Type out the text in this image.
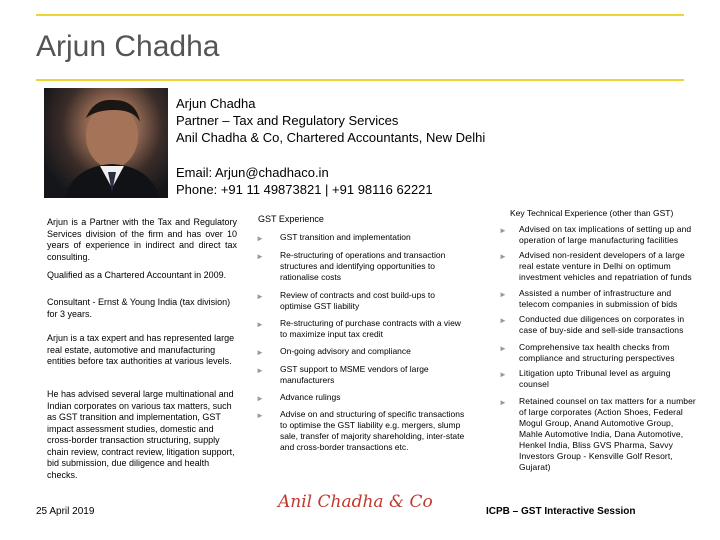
Arjun Chadha
Arjun Chadha
Partner – Tax and Regulatory Services
Anil Chadha & Co, Chartered Accountants, New Delhi
Email: Arjun@chadhaco.in
Phone: +91 11 49873821 | +91 98116 62221
Arjun is a Partner with the Tax and Regulatory Services division of the firm and has over 10 years of experience in indirect and direct tax consulting.
Qualified as a Chartered Accountant in 2009.
Consultant - Ernst & Young India (tax division) for 3 years.
Arjun is a tax expert and has represented large real estate, automotive and manufacturing entities before tax authorities at various levels.
He has advised several large multinational and Indian corporates on various tax matters, such as GST transition and implementation, GST impact assessment studies, domestic and cross-border transaction structuring, supply chain review, contract review, litigation support, bid submission, due diligence and health checks.
GST Experience
► GST transition and implementation
► Re-structuring of operations and transaction structures and identifying opportunities to rationalise costs
► Review of contracts and cost build-ups to optimise GST liability
► Re-structuring of purchase contracts with a view to maximize input tax credit
► On-going advisory and compliance
► GST support to MSME vendors of large manufacturers
► Advance rulings
► Advise on and structuring of specific transactions to optimise the GST liability e.g. mergers, slump sale, transfer of majority shareholding, inter-state and cross-border transactions etc.
Key Technical Experience (other than GST)
► Advised on tax implications of setting up and operation of large manufacturing facilities
► Advised non-resident developers of a large real estate venture in Delhi on optimum investment vehicles and repatriation of funds
► Assisted a number of infrastructure and telecom companies in submission of bids
► Conducted due diligences on corporates in case of buy-side and sell-side transactions
► Comprehensive tax health checks from compliance and structuring perspectives
► Litigation upto Tribunal level as arguing counsel
► Retained counsel on tax matters for a number of large corporates (Action Shoes, Federal Mogul Group, Anand Automotive Group, Mahle Automotive India, Dana Automotive, Henkel India, Bliss GVS Pharma, Savvy Investors Group - Kensville Golf Resort, Gujarat)
25 April 2019	Anil Chadha & Co	ICPB – GST Interactive Session
